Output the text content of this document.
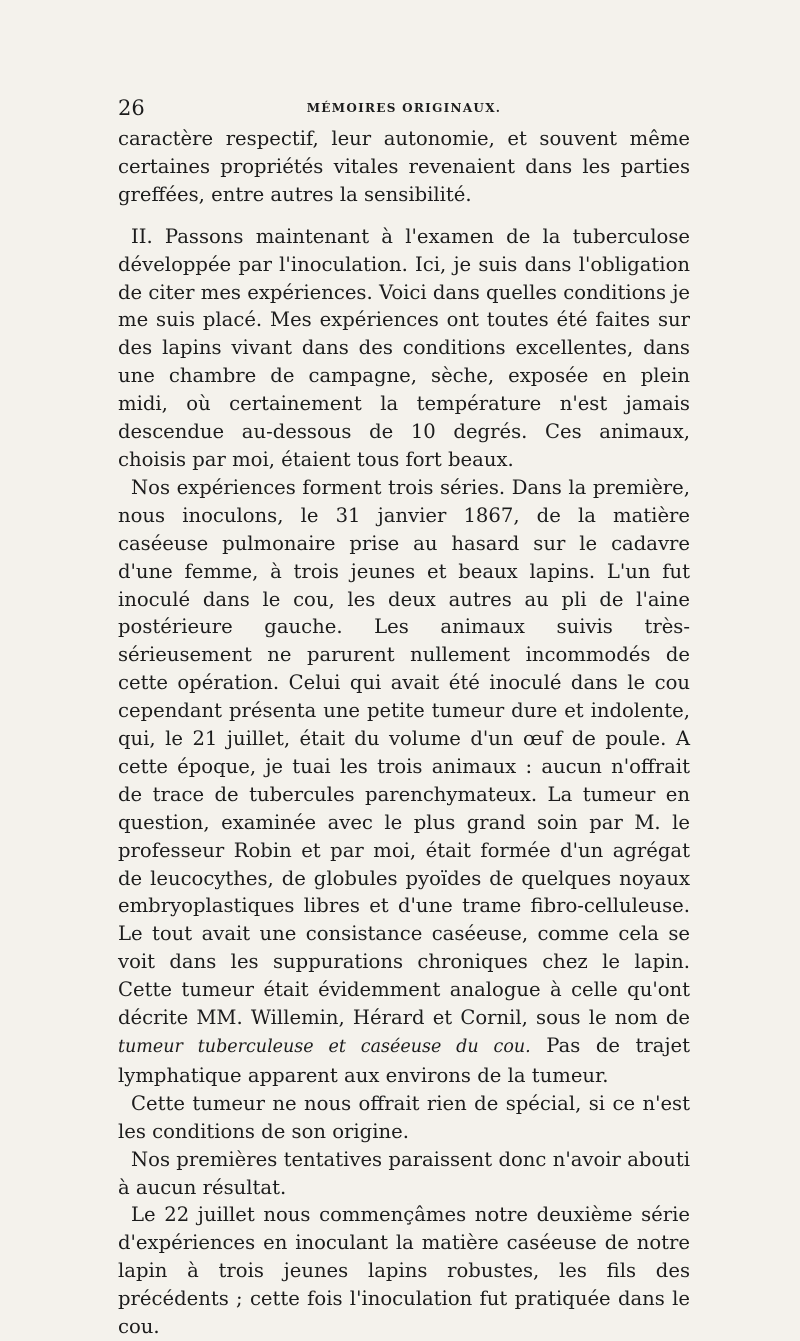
26	MÉMOIRES ORIGINAUX.

caractère respectif, leur autonomie, et souvent même certaines propriétés vitales revenaient dans les parties greffées, entre autres la sensibilité.

II. Passons maintenant à l'examen de la tuberculose développée par l'inoculation. Ici, je suis dans l'obligation de citer mes expériences. Voici dans quelles conditions je me suis placé. Mes expériences ont toutes été faites sur des lapins vivant dans des conditions excellentes, dans une chambre de campagne, sèche, exposée en plein midi, où certainement la température n'est jamais descendue au-dessous de 10 degrés. Ces animaux, choisis par moi, étaient tous fort beaux.

Nos expériences forment trois séries. Dans la première, nous inoculons, le 31 janvier 1867, de la matière caséeuse pulmonaire prise au hasard sur le cadavre d'une femme, à trois jeunes et beaux lapins. L'un fut inoculé dans le cou, les deux autres au pli de l'aine postérieure gauche. Les animaux suivis très-sérieusement ne parurent nullement incommodés de cette opération. Celui qui avait été inoculé dans le cou cependant présenta une petite tumeur dure et indolente, qui, le 21 juillet, était du volume d'un œuf de poule. A cette époque, je tuai les trois animaux : aucun n'offrait de trace de tubercules parenchymateux. La tumeur en question, examinée avec le plus grand soin par M. le professeur Robin et par moi, était formée d'un agrégat de leucocythes, de globules pyoïdes de quelques noyaux embryoplastiques libres et d'une trame fibro-celluleuse. Le tout avait une consistance caséeuse, comme cela se voit dans les suppurations chroniques chez le lapin. Cette tumeur était évidemment analogue à celle qu'ont décrite MM. Willemin, Hérard et Cornil, sous le nom de tumeur tuberculeuse et caséeuse du cou. Pas de trajet lymphatique apparent aux environs de la tumeur.

Cette tumeur ne nous offrait rien de spécial, si ce n'est les conditions de son origine.

Nos premières tentatives paraissent donc n'avoir abouti à aucun résultat.

Le 22 juillet nous commençâmes notre deuxième série d'expériences en inoculant la matière caséeuse de notre lapin à trois jeunes lapins robustes, les fils des précédents ; cette fois l'inoculation fut pratiquée dans le cou.
